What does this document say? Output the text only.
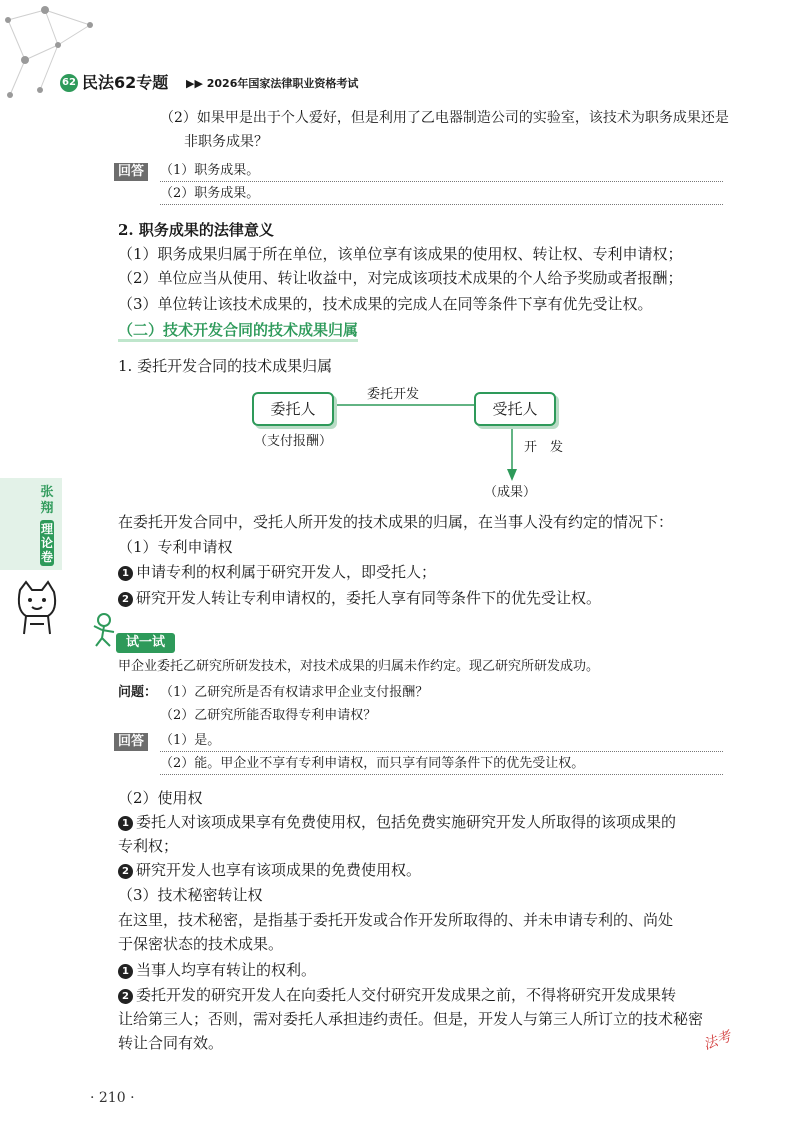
62 民法62专题 ▶▶ 2026年国家法律职业资格考试
（2）如果甲是出于个人爱好，但是利用了乙电器制造公司的实验室，该技术为职务成果还是
非职务成果？
回答	（1）职务成果。
（2）职务成果。
2. 职务成果的法律意义
（1）职务成果归属于所在单位，该单位享有该成果的使用权、转让权、专利申请权；
（2）单位应当从使用、转让收益中，对完成该项技术成果的个人给予奖励或者报酬；
（3）单位转让该技术成果的，技术成果的完成人在同等条件下享有优先受让权。
（二）技术开发合同的技术成果归属
1. 委托开发合同的技术成果归属
委托人	受托人
委托开发
（支付报酬）	开　发
（成果）
在委托开发合同中，受托人所开发的技术成果的归属，在当事人没有约定的情况下：
（1）专利申请权
1 申请专利的权利属于研究开发人，即受托人；
2 研究开发人转让专利申请权的，委托人享有同等条件下的优先受让权。
张翔
理论卷
试一试
甲企业委托乙研究所研发技术，对技术成果的归属未作约定。现乙研究所研发成功。
问题： （1）乙研究所是否有权请求甲企业支付报酬？
（2）乙研究所能否取得专利申请权？
回答	（1）是。
（2）能。甲企业不享有专利申请权，而只享有同等条件下的优先受让权。
（2）使用权
1 委托人对该项成果享有免费使用权，包括免费实施研究开发人所取得的该项成果的
专利权；
2 研究开发人也享有该项成果的免费使用权。
（3）技术秘密转让权
在这里，技术秘密，是指基于委托开发或合作开发所取得的、并未申请专利的、尚处
于保密状态的技术成果。
1 当事人均享有转让的权利。
2 委托开发的研究开发人在向委托人交付研究开发成果之前，不得将研究开发成果转
让给第三人；否则，需对委托人承担违约责任。但是，开发人与第三人所订立的技术秘密
转让合同有效。	法考
· 210 ·
